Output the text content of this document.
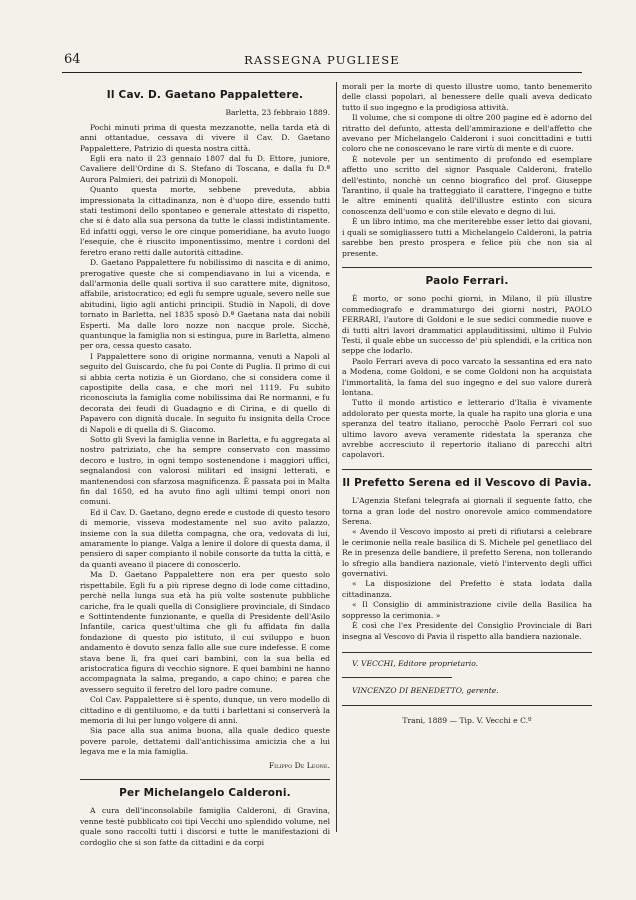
64	RASSEGNA PUGLIESE
Il Cav. D. Gaetano Pappalettere.

Barletta, 23 febbraio 1889.

Pochi minuti prima di questa mezzanotte, nella tarda età di anni ottantadue, cessava di vivere il Cav. D. Gaetano Pappalettere, Patrizio di questa nostra città.

Egli era nato il 23 gennaio 1807 dal fu D. Ettore, juniore, Cavaliere dell'Ordine di S. Stefano di Toscana, e dalla fu D.ª Aurora Palmieri, dei patrizii di Monopoli.

Quanto questa morte, sebbene preveduta, abbia impressionata la cittadinanza, non è d'uopo dire, essendo tutti stati testimoni dello spontaneo e generale attestato di rispetto, che si è dato alla sua persona da tutte le classi indistintamente. Ed infatti oggi, verso le ore cinque pomeridiane, ha avuto luogo l'esequie, che è riuscito imponentissimo, mentre i cordoni del feretro erano retti dalle autorità cittadine.

D. Gaetano Pappalettere fu nobilissimo di nascita e di animo, prerogative queste che si compendiavano in lui a vicenda, e dall'armonia delle quali sortiva il suo carattere mite, dignitoso, affabile, aristocratico; ed egli fu sempre uguale, severo nelle sue abitudini, ligio agli antichi principii. Studiò in Napoli, di dove tornato in Barletta, nel 1835 sposò D.ª Gaetana nata dai nobili Esperti. Ma dalle loro nozze non nacque prole. Sicchè, quantunque la famiglia non si estingua, pure in Barletta, almeno per ora, cessa questo casato.

I Pappalettere sono di origine normanna, venuti a Napoli al seguito del Guiscardo, che fu poi Conte di Puglia. Il primo di cui si abbia certa notizia è un Giordano, che si considera come il capostipite della casa, e che morì nel 1119. Fu subito riconosciuta la famiglia come nobilissima dai Re normanni, e fu decorata dei feudi di Guadagno e di Cirina, e di quello di Papavero con dignità ducale. In seguito fu insignita della Croce di Napoli e di quella di S. Giacomo.

Sotto gli Svevi la famiglia venne in Barletta, e fu aggregata al nostro patriziato, che ha sempre conservato con massimo decoro e lustro, in ogni tempo sostenendone i maggiori uffici, segnalandosi con valorosi militari ed insigni letterati, e mantenendosi con sfarzosa magnificenza. È passata poi in Malta fin dal 1650, ed ha avuto fino agli ultimi tempi onori non comuni.

Ed il Cav. D. Gaetano, degno erede e custode di questo tesoro di memorie, visseva modestamente nel suo avito palazzo, insieme con la sua diletta compagna, che ora, vedovata di lui, amaramente lo piange. Valga a lenire il dolore di questa dama, il pensiero di saper compianto il nobile consorte da tutta la città, e da quanti aveano il piacere di conoscerlo.

Ma D. Gaetano Pappalettere non era per questo solo rispettabile. Egli fu a più riprese degno di lode come cittadino, perchè nella lunga sua età ha più volte sostenute pubbliche cariche, fra le quali quella di Consigliere provinciale, di Sindaco e Sottintendente funzionante, e quella di Presidente dell'Asilo Infantile, carica quest'ultima che gli fu affidata fin dalla fondazione di questo pio istituto, il cui sviluppo e buon andamento è dovuto senza fallo alle sue cure indefesse. E come stava bene lì, fra quei cari bambini, con la sua bella ed aristocratica figura di vecchio signore. E quei bambini ne hanno accompagnata la salma, pregando, a capo chino; e parea che avessero seguito il feretro del loro padre comune.

Col Cav. Pappalettere si è spento, dunque, un vero modello di cittadino e di gentiluomo, e da tutti i barlettani si conserverà la memoria di lui per lungo volgere di anni.

Sia pace alla sua anima buona, alla quale dedico queste povere parole, dettatemi dall'antichissima amicizia che a lui legava me e la mia famiglia.

Filippo De Leone.

Per Michelangelo Calderoni.

A cura dell'inconsolabile famiglia Calderoni, di Gravina, venne testè pubblicato coi tipi Vecchi uno splendido volume, nel quale sono raccolti tutti i discorsi e tutte le manifestazioni di cordoglio che si son fatte da cittadini e da corpi

morali per la morte di questo illustre uomo, tanto benemerito delle classi popolari, al benessere delle quali aveva dedicato tutto il suo ingegno e la prodigiosa attività.

Il volume, che si compone di oltre 200 pagine ed è adorno del ritratto del defunto, attesta dell'ammirazione e dell'affetto che avevano per Michelangelo Calderoni i suoi concittadini e tutti coloro che ne conoscevano le rare virtù di mente e di cuore.

È notevole per un sentimento di profondo ed esemplare affetto uno scritto del signor Pasquale Calderoni, fratello dell'estinto, nonchè un cenno biografico del prof. Giuseppe Tarantino, il quale ha tratteggiato il carattere, l'ingegno e tutte le altre eminenti qualità dell'illustre estinto con sicura conoscenza dell'uomo e con stile elevato e degno di lui.

È un libro intimo, ma che meriterebbe esser letto dai giovani, i quali se somigliassero tutti a Michelangelo Calderoni, la patria sarebbe ben presto prospera e felice più che non sia al presente.

Paolo Ferrari.

È morto, or sono pochi giorni, in Milano, il più illustre commediografo e drammaturgo dei giorni nostri, PAOLO FERRARI, l'autore di Goldoni e le sue sedici commedie nuove e di tutti altri lavori drammatici applauditissimi, ultimo il Fulvio Testi, il quale ebbe un successo de' più splendidi, e la critica non seppe che lodarlo.

Paolo Ferrari aveva di poco varcato la sessantina ed era nato a Modena, come Goldoni, e se come Goldoni non ha acquistata l'immortalità, la fama del suo ingegno e del suo valore durerà lontana.

Tutto il mondo artistico e letterario d'Italia è vivamente addolorato per questa morte, la quale ha rapito una gloria e una speranza del teatro italiano, perocchè Paolo Ferrari col suo ultimo lavoro aveva veramente ridestata la speranza che avrebbe accresciuto il repertorio italiano di parecchi altri capolavori.

Il Prefetto Serena ed il Vescovo di Pavia.

L'Agenzia Stefani telegrafa ai giornali il seguente fatto, che torna a gran lode del nostro onorevole amico commendatore Serena.

« Avendo il Vescovo imposto ai preti di rifiutarsi a celebrare le cerimonie nella reale basilica di S. Michele pel genetliaco del Re in presenza delle bandiere, il prefetto Serena, non tollerando lo sfregio alla bandiera nazionale, vietò l'intervento degli uffici governativi.

« La disposizione del Prefetto è stata lodata dalla cittadinanza.

« Il Consiglio di amministrazione civile della Basilica ha soppresso la cerimonia. »

È così che l'ex Presidente del Consiglio Provinciale di Bari insegna al Vescovo di Pavia il rispetto alla bandiera nazionale.

V. VECCHI, Editore proprietario.

VINCENZO DI BENEDETTO, gerente.

Trani, 1889 — Tip. V. Vecchi e C.º
